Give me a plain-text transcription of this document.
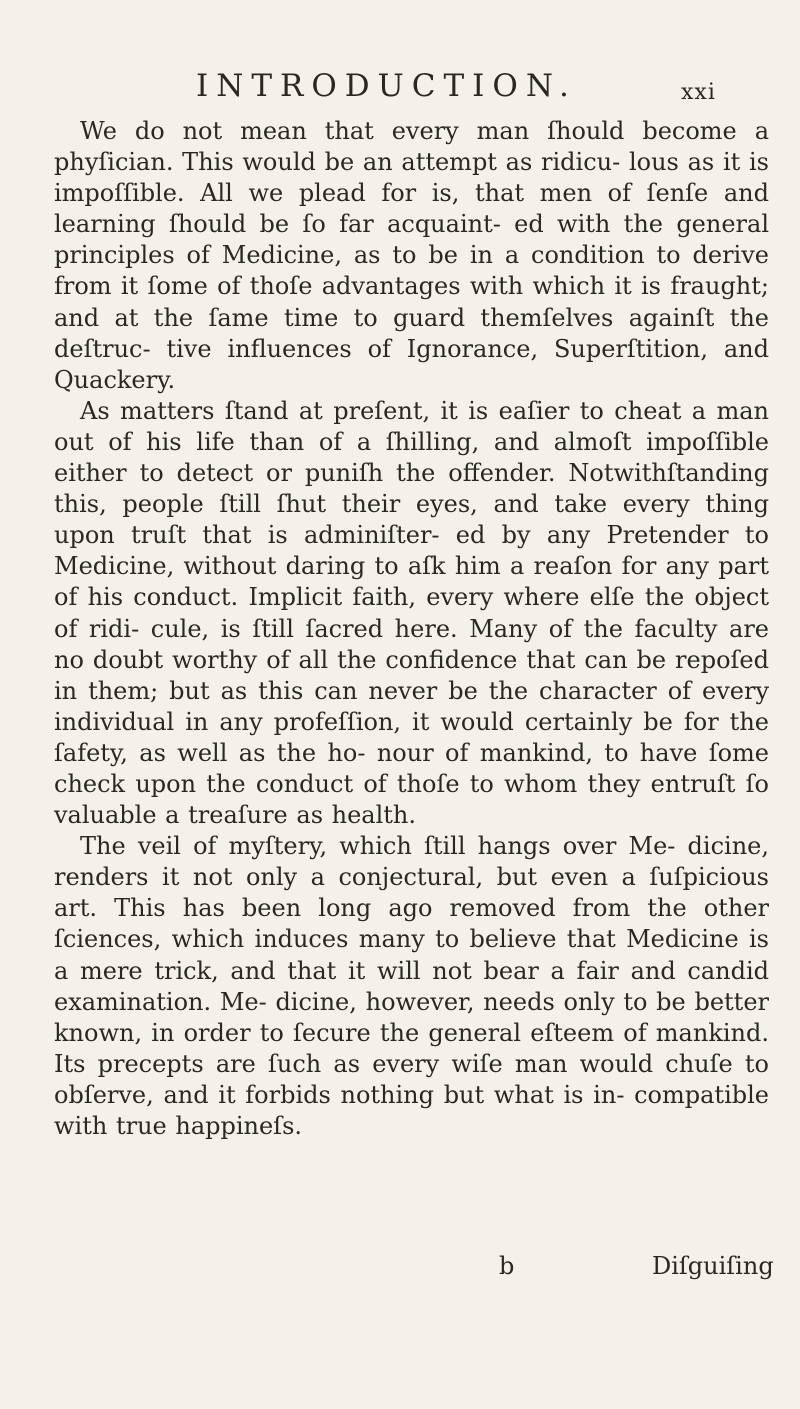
INTRODUCTION.	xxi

We do not mean that every man ſhould become a phyſician. This would be an attempt as ridicu- lous as it is impoſſible. All we plead for is, that men of ſenſe and learning ſhould be ſo far acquaint- ed with the general principles of Medicine, as to be in a condition to derive from it ſome of thoſe advantages with which it is fraught; and at the ſame time to guard themſelves againſt the deſtruc- tive influences of Ignorance, Superſtition, and Quackery.

As matters ſtand at preſent, it is eaſier to cheat a man out of his life than of a ſhilling, and almoſt impoſſible either to detect or puniſh the offender. Notwithſtanding this, people ſtill ſhut their eyes, and take every thing upon truſt that is adminiſter- ed by any Pretender to Medicine, without daring to aſk him a reaſon for any part of his conduct. Implicit faith, every where elſe the object of ridi- cule, is ſtill ſacred here. Many of the faculty are no doubt worthy of all the confidence that can be repoſed in them; but as this can never be the character of every individual in any profeſſion, it would certainly be for the ſafety, as well as the ho- nour of mankind, to have ſome check upon the conduct of thoſe to whom they entruſt ſo valuable a treaſure as health.

The veil of myſtery, which ſtill hangs over Me- dicine, renders it not only a conjectural, but even a ſuſpicious art. This has been long ago removed from the other ſciences, which induces many to believe that Medicine is a mere trick, and that it will not bear a fair and candid examination. Me- dicine, however, needs only to be better known, in order to ſecure the general eſteem of mankind. Its precepts are ſuch as every wiſe man would chuſe to obſerve, and it forbids nothing but what is in- compatible with true happineſs.

b	Diſguiſing
